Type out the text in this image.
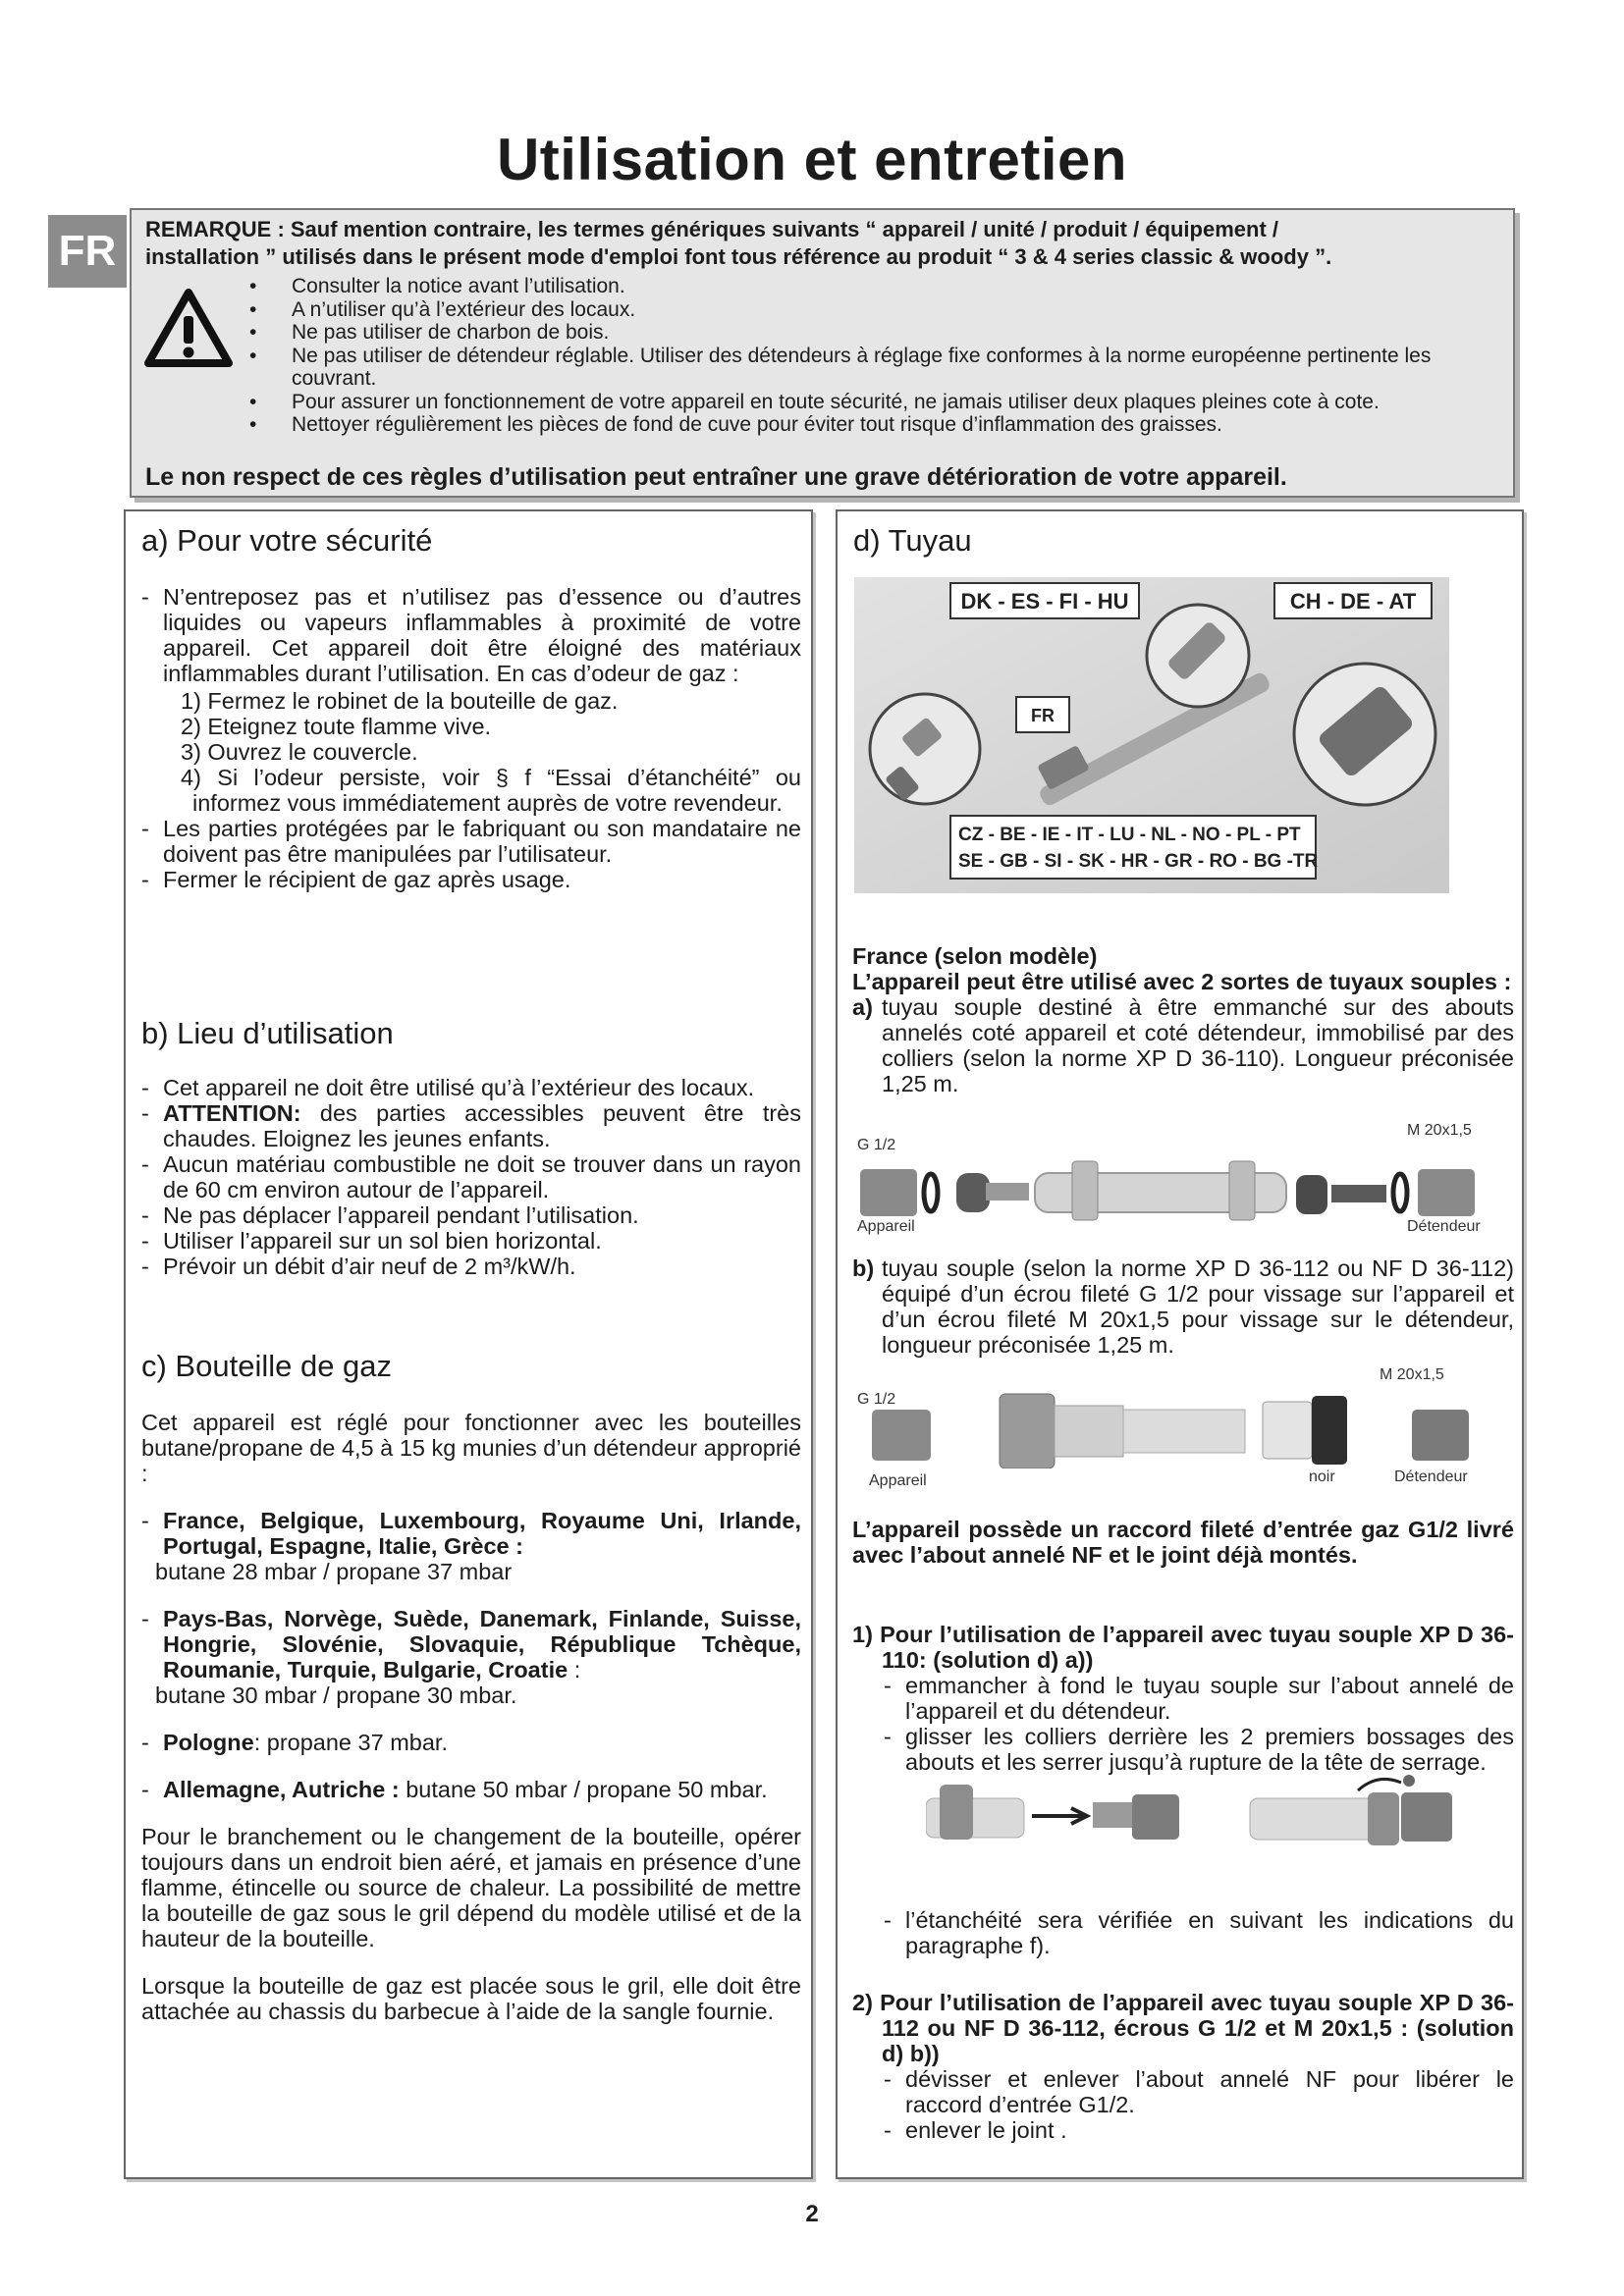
Utilisation et entretien
FR	REMARQUE : Sauf mention contraire, les termes génériques suivants “ appareil / unité / produit / équipement /
installation ” utilisés dans le présent mode d'emploi font tous référence au produit “ 3 & 4 series classic & woody ”.
• Consulter la notice avant l’utilisation.
• A n’utiliser qu’à l’extérieur des locaux.
• Ne pas utiliser de charbon de bois.
• Ne pas utiliser de détendeur réglable. Utiliser des détendeurs à réglage fixe conformes à la norme européenne pertinente les couvrant.
• Pour assurer un fonctionnement de votre appareil en toute sécurité, ne jamais utiliser deux plaques pleines cote à cote.
• Nettoyer régulièrement les pièces de fond de cuve pour éviter tout risque d’inflammation des graisses.
Le non respect de ces règles d’utilisation peut entraîner une grave détérioration de votre appareil.
a) Pour votre sécurité
- N’entreposez pas et n’utilisez pas d’essence ou d’autres liquides ou vapeurs inflammables à proximité de votre appareil. Cet appareil doit être éloigné des matériaux inflammables durant l’utilisation. En cas d’odeur de gaz :
1) Fermez le robinet de la bouteille de gaz.
2) Eteignez toute flamme vive.
3) Ouvrez le couvercle.
4) Si l’odeur persiste, voir § f “Essai d’étanchéité” ou informez vous immédiatement auprès de votre revendeur.
- Les parties protégées par le fabriquant ou son mandataire ne doivent pas être manipulées par l’utilisateur.
- Fermer le récipient de gaz après usage.
b) Lieu d’utilisation
- Cet appareil ne doit être utilisé qu’à l’extérieur des locaux.
- ATTENTION: des parties accessibles peuvent être très chaudes. Eloignez les jeunes enfants.
- Aucun matériau combustible ne doit se trouver dans un rayon de 60 cm environ autour de l’appareil.
- Ne pas déplacer l’appareil pendant l’utilisation.
- Utiliser l’appareil sur un sol bien horizontal.
- Prévoir un débit d’air neuf de 2 m³/kW/h.
c) Bouteille de gaz
Cet appareil est réglé pour fonctionner avec les bouteilles butane/propane de 4,5 à 15 kg munies d’un détendeur approprié :
- France, Belgique, Luxembourg, Royaume Uni, Irlande, Portugal, Espagne, Italie, Grèce :
butane 28 mbar / propane 37 mbar
- Pays-Bas, Norvège, Suède, Danemark, Finlande, Suisse, Hongrie, Slovénie, Slovaquie, République Tchèque, Roumanie, Turquie, Bulgarie, Croatie :
butane 30 mbar / propane 30 mbar.
- Pologne: propane 37 mbar.
- Allemagne, Autriche : butane 50 mbar / propane 50 mbar.
Pour le branchement ou le changement de la bouteille, opérer toujours dans un endroit bien aéré, et jamais en présence d’une flamme, étincelle ou source de chaleur. La possibilité de mettre la bouteille de gaz sous le gril dépend du modèle utilisé et de la hauteur de la bouteille.
Lorsque la bouteille de gaz est placée sous le gril, elle doit être attachée au chassis du barbecue à l’aide de la sangle fournie.
d) Tuyau
DK - ES - FI - HU	CH - DE - AT
FR
CZ - BE - IE - IT - LU - NL - NO - PL - PT
SE - GB - SI - SK - HR - GR - RO - BG -TR
France (selon modèle)
L’appareil peut être utilisé avec 2 sortes de tuyaux souples :
a) tuyau souple destiné à être emmanché sur des abouts annelés coté appareil et coté détendeur, immobilisé par des colliers (selon la norme XP D 36-110). Longueur préconisée 1,25 m.
G 1/2
M 20x1,5
Appareil	Détendeur
b) tuyau souple (selon la norme XP D 36-112 ou NF D 36-112) équipé d’un écrou fileté G 1/2 pour vissage sur l’appareil et d’un écrou fileté M 20x1,5 pour vissage sur le détendeur, longueur préconisée 1,25 m.
G 1/2
M 20x1,5
Appareil	noir	Détendeur
L’appareil possède un raccord fileté d’entrée gaz G1/2 livré avec l’about annelé NF et le joint déjà montés.
1) Pour l’utilisation de l’appareil avec tuyau souple XP D 36-110: (solution d) a))
- emmancher à fond le tuyau souple sur l’about annelé de l’appareil et du détendeur.
- glisser les colliers derrière les 2 premiers bossages des abouts et les serrer jusqu’à rupture de la tête de serrage.
- l’étanchéité sera vérifiée en suivant les indications du paragraphe f).
2) Pour l’utilisation de l’appareil avec tuyau souple XP D 36-112 ou NF D 36-112, écrous G 1/2 et M 20x1,5 : (solution d) b))
- dévisser et enlever l’about annelé NF pour libérer le raccord d’entrée G1/2.
- enlever le joint .
2
